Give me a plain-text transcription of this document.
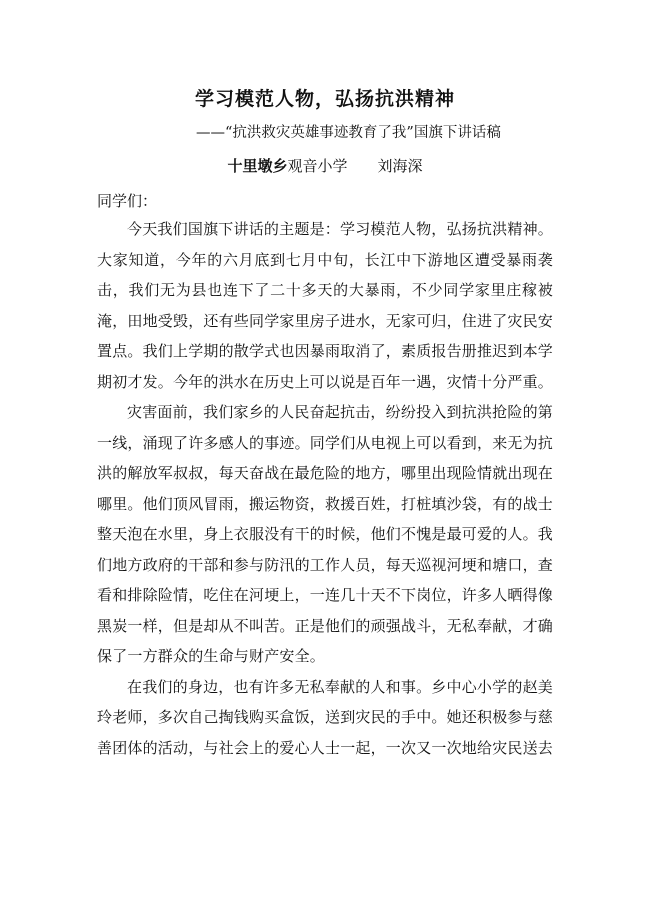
学习模范人物，弘扬抗洪精神
——“抗洪救灾英雄事迹教育了我”国旗下讲话稿
十里墩乡观音小学 刘海深
同学们：

今天我们国旗下讲话的主题是：学习模范人物，弘扬抗洪精神。大家知道，今年的六月底到七月中旬，长江中下游地区遭受暴雨袭击，我们无为县也连下了二十多天的大暴雨，不少同学家里庄稼被淹，田地受毁，还有些同学家里房子进水，无家可归，住进了灾民安置点。我们上学期的散学式也因暴雨取消了，素质报告册推迟到本学期初才发。今年的洪水在历史上可以说是百年一遇，灾情十分严重。

灾害面前，我们家乡的人民奋起抗击，纷纷投入到抗洪抢险的第一线，涌现了许多感人的事迹。同学们从电视上可以看到，来无为抗洪的解放军叔叔，每天奋战在最危险的地方，哪里出现险情就出现在哪里。他们顶风冒雨，搬运物资，救援百姓，打桩填沙袋，有的战士整天泡在水里，身上衣服没有干的时候，他们不愧是最可爱的人。我们地方政府的干部和参与防汛的工作人员，每天巡视河埂和塘口，查看和排除险情，吃住在河埂上，一连几十天不下岗位，许多人晒得像黑炭一样，但是却从不叫苦。正是他们的顽强战斗，无私奉献，才确保了一方群众的生命与财产安全。

在我们的身边，也有许多无私奉献的人和事。乡中心小学的赵美玲老师，多次自己掏钱购买盒饭，送到灾民的手中。她还积极参与慈善团体的活动，与社会上的爱心人士一起，一次又一次地给灾民送去
